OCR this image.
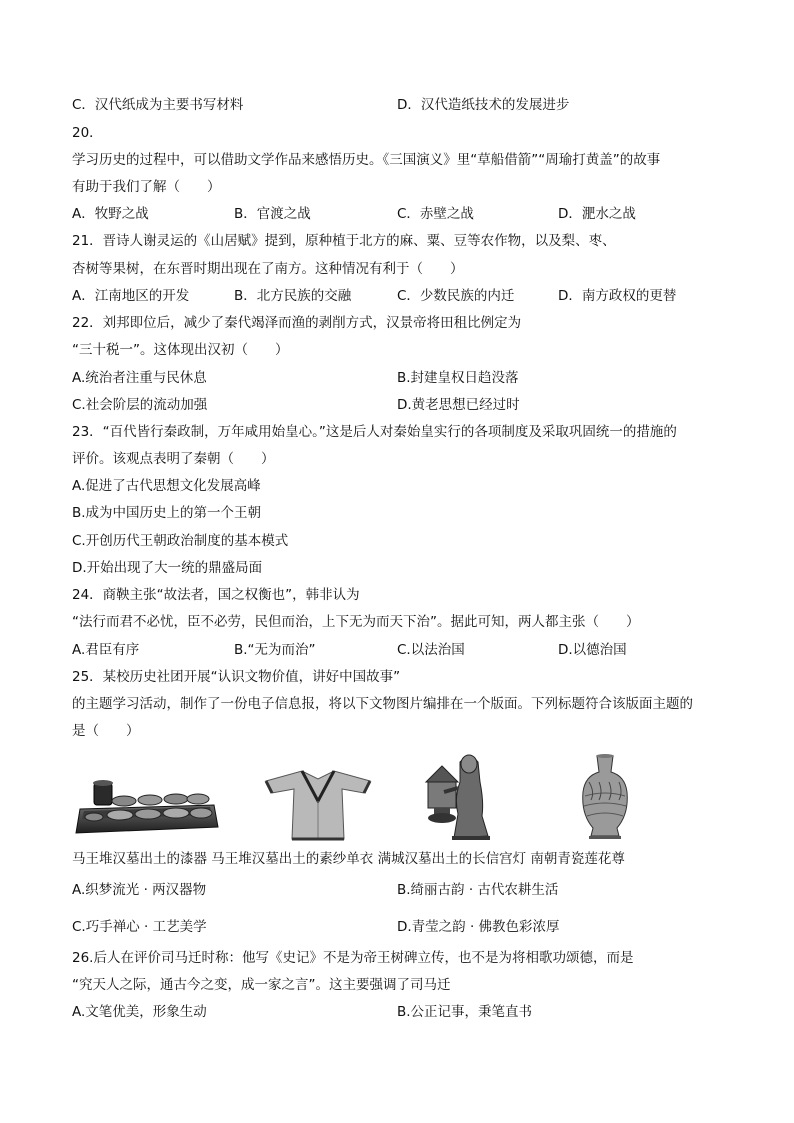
C．汉代纸成为主要书写材料	D．汉代造纸技术的发展进步
20．
学习历史的过程中，可以借助文学作品来感悟历史。《三国演义》里“草船借箭”“周瑜打黄盖”的故事
有助于我们了解（　　）
A．牧野之战	B．官渡之战	C．赤壁之战	D．淝水之战
21．晋诗人谢灵运的《山居赋》提到，原种植于北方的麻、粟、豆等农作物，以及梨、枣、
杏树等果树，在东晋时期出现在了南方。这种情况有利于（　　）
A．江南地区的开发	B．北方民族的交融	C．少数民族的内迁	D．南方政权的更替
22．刘邦即位后，减少了秦代竭泽而渔的剥削方式，汉景帝将田租比例定为
“三十税一”。这体现出汉初（　　）
A.统治者注重与民休息	B.封建皇权日趋没落
C.社会阶层的流动加强	D.黄老思想已经过时
23．“百代皆行秦政制，万年咸用始皇心。”这是后人对秦始皇实行的各项制度及采取巩固统一的措施的
评价。该观点表明了秦朝（　　）
A.促进了古代思想文化发展高峰
B.成为中国历史上的第一个王朝
C.开创历代王朝政治制度的基本模式
D.开始出现了大一统的鼎盛局面
24．商鞅主张“故法者，国之权衡也”，韩非认为
“法行而君不必忧，臣不必劳，民但而治，上下无为而天下治”。据此可知，两人都主张（　　）
A.君臣有序	B.“无为而治”	C.以法治国	D.以德治国
25．某校历史社团开展“认识文物价值，讲好中国故事”
的主题学习活动，制作了一份电子信息报，将以下文物图片编排在一个版面。下列标题符合该版面主题的
是（　　）
马王堆汉墓出土的漆器 马王堆汉墓出土的素纱单衣 满城汉墓出土的长信宫灯 南朝青瓷莲花尊
A.织梦流光 · 两汉器物	B.绮丽古韵 · 古代农耕生活
C.巧手禅心 · 工艺美学	D.青莹之韵 · 佛教色彩浓厚
26.后人在评价司马迁时称：他写《史记》不是为帝王树碑立传，也不是为将相歌功颂德，而是
“究天人之际，通古今之变，成一家之言”。这主要强调了司马迁
A.文笔优美，形象生动	B.公正记事，秉笔直书
